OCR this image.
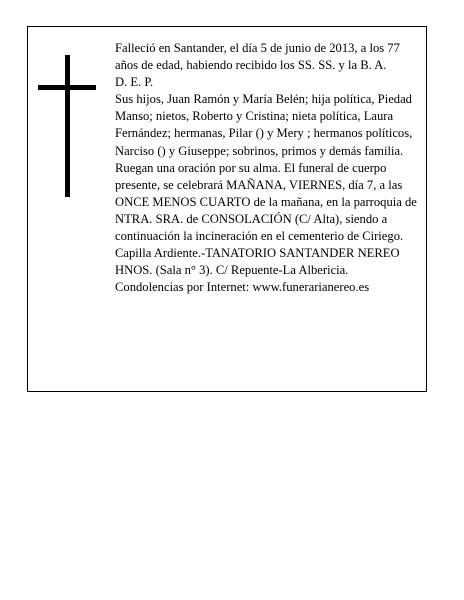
Falleció en Santander, el día 5 de junio de 2013, a los 77 años de edad, habiendo recibido los SS. SS. y la B. A.

D. E. P.

Sus hijos, Juan Ramón y María Belén; hija política, Piedad Manso; nietos, Roberto y Cristina; nieta política, Laura Fernández; hermanas, Pilar () y Mery ; hermanos políticos, Narciso () y Giuseppe; sobrinos, primos y demás familia.

Ruegan una oración por su alma. El funeral de cuerpo presente, se celebrará MAÑANA, VIERNES, día 7, a las ONCE MENOS CUARTO de la mañana, en la parroquia de NTRA. SRA. de CONSOLACIÓN (C/ Alta), siendo a continuación la incineración en el cementerio de Ciriego. Capilla Ardiente.-TANATORIO SANTANDER NEREO HNOS. (Sala n° 3). C/ Repuente-La Albericia.

Condolencias por Internet: www.funerarianereo.es
